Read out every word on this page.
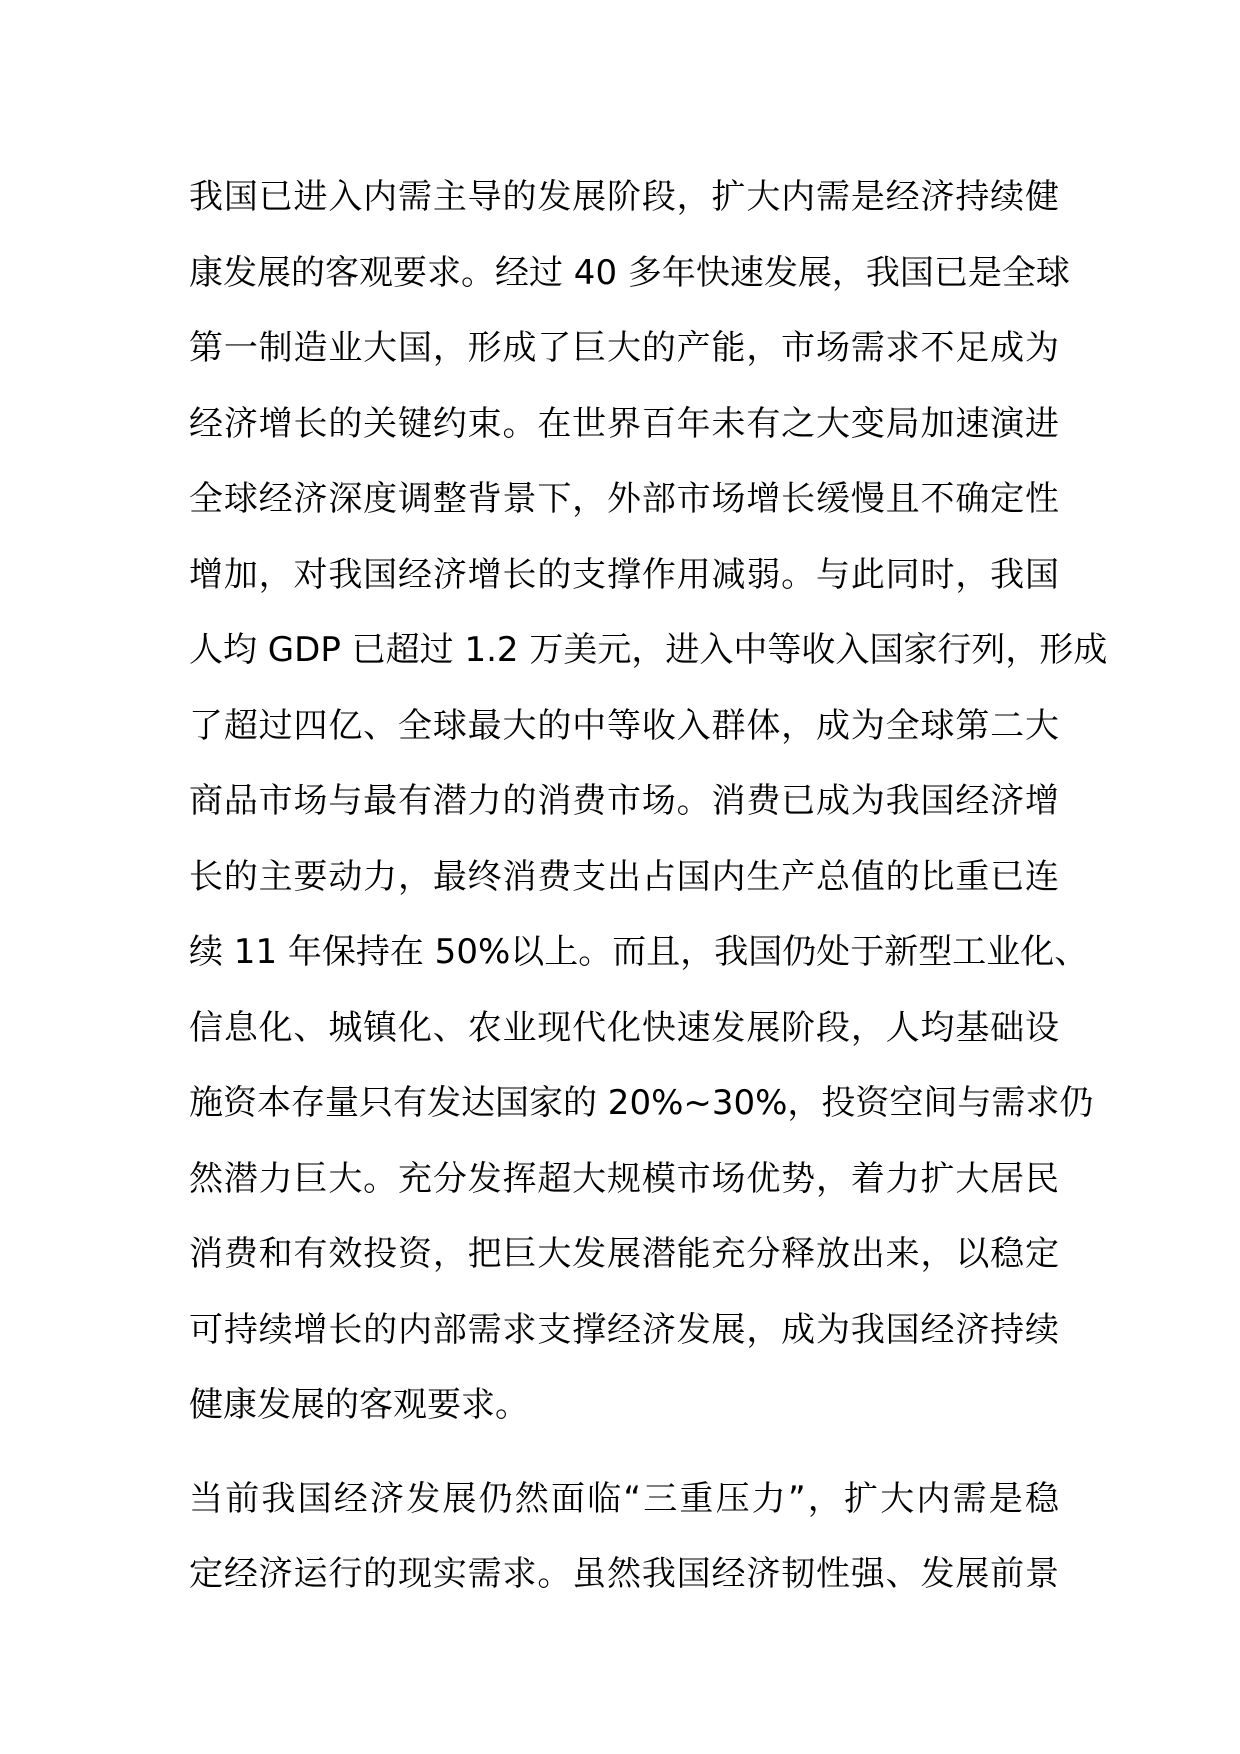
我国已进入内需主导的发展阶段，扩大内需是经济持续健
康发展的客观要求。经过 40 多年快速发展，我国已是全球
第一制造业大国，形成了巨大的产能，市场需求不足成为
经济增长的关键约束。在世界百年未有之大变局加速演进
全球经济深度调整背景下，外部市场增长缓慢且不确定性
增加，对我国经济增长的支撑作用减弱。与此同时，我国
人均 GDP 已超过 1.2 万美元，进入中等收入国家行列，形成
了超过四亿、全球最大的中等收入群体，成为全球第二大
商品市场与最有潜力的消费市场。消费已成为我国经济增
长的主要动力，最终消费支出占国内生产总值的比重已连
续 11 年保持在 50%以上。而且，我国仍处于新型工业化、
信息化、城镇化、农业现代化快速发展阶段，人均基础设
施资本存量只有发达国家的 20%~30%，投资空间与需求仍
然潜力巨大。充分发挥超大规模市场优势，着力扩大居民
消费和有效投资，把巨大发展潜能充分释放出来，以稳定
可持续增长的内部需求支撑经济发展，成为我国经济持续
健康发展的客观要求。
当前我国经济发展仍然面临“三重压力”，扩大内需是稳
定经济运行的现实需求。虽然我国经济韧性强、发展前景
